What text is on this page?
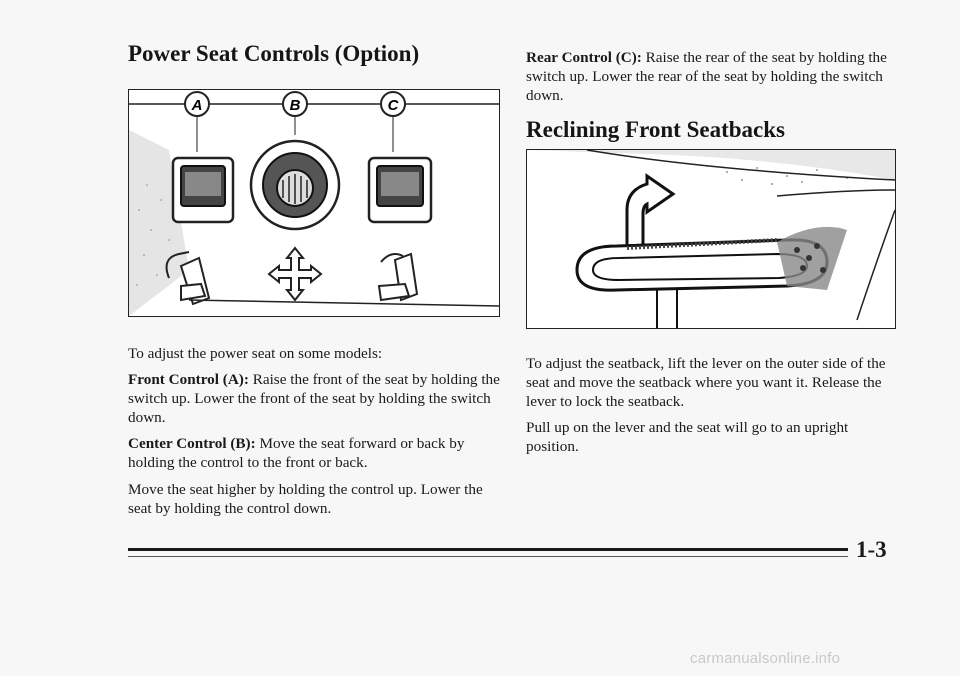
Power Seat Controls (Option)
A	B	C

To adjust the power seat on some models:

Front Control (A): Raise the front of the seat by holding the switch up. Lower the front of the seat by holding the switch down.

Center Control (B): Move the seat forward or back by holding the control to the front or back.

Move the seat higher by holding the control up. Lower the seat by holding the control down.

Rear Control (C): Raise the rear of the seat by holding the switch up. Lower the rear of the seat by holding the switch down.

Reclining Front Seatbacks

To adjust the seatback, lift the lever on the outer side of the seat and move the seatback where you want it. Release the lever to lock the seatback.

Pull up on the lever and the seat will go to an upright position.

1-3
carmanualsonline.info
